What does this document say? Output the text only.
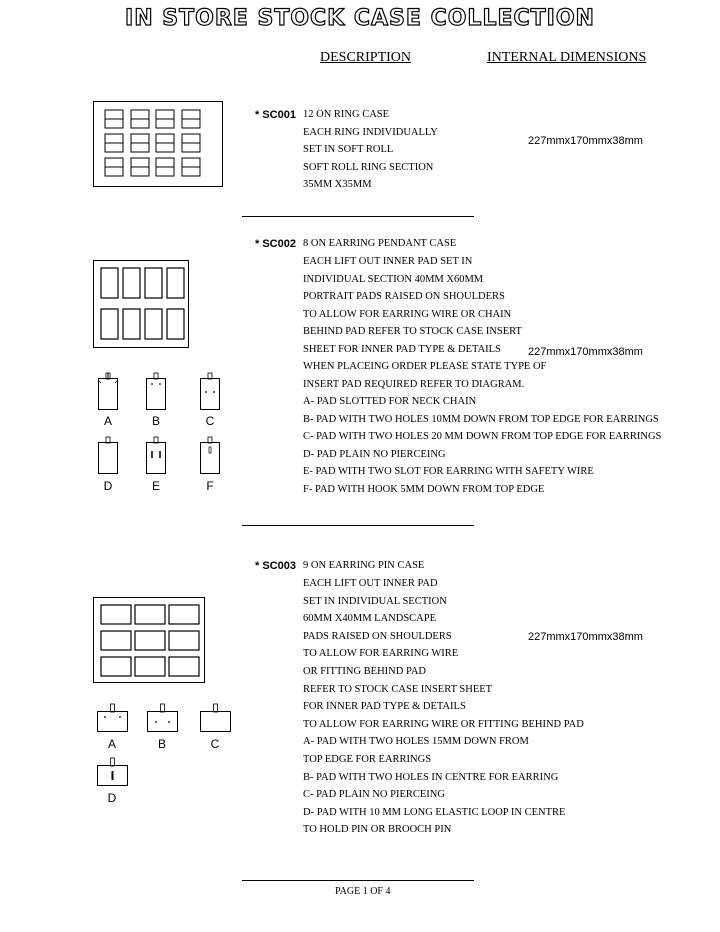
IN STORE STOCK CASE COLLECTION
DESCRIPTION	INTERNAL DIMENSIONS
* SC001 12 ON RING CASE
EACH RING INDIVIDUALLY
SET IN SOFT ROLL
SOFT ROLL RING SECTION
35MM X35MM
227mmx170mmx38mm
* SC002 8 ON EARRING PENDANT CASE
EACH LIFT OUT INNER PAD SET IN
INDIVIDUAL SECTION 40MM X60MM
PORTRAIT PADS RAISED ON SHOULDERS
TO ALLOW FOR EARRING WIRE OR CHAIN
BEHIND PAD REFER TO STOCK CASE INSERT
SHEET FOR INNER PAD TYPE & DETAILS
WHEN PLACEING ORDER PLEASE STATE TYPE OF
INSERT PAD REQUIRED REFER TO DIAGRAM.
A- PAD SLOTTED FOR NECK CHAIN
B- PAD WITH TWO HOLES 10MM DOWN FROM TOP EDGE FOR EARRINGS
C- PAD WITH TWO HOLES 20 MM DOWN FROM TOP EDGE FOR EARRINGS
D- PAD PLAIN NO PIERCEING
E- PAD WITH TWO SLOT FOR EARRING WITH SAFETY WIRE
F- PAD WITH HOOK 5MM DOWN FROM TOP EDGE
227mmx170mmx38mm
A	B	C
D	E	F
* SC003 9 ON EARRING PIN CASE
EACH LIFT OUT INNER PAD
SET IN INDIVIDUAL SECTION
60MM X40MM LANDSCAPE
PADS RAISED ON SHOULDERS
TO ALLOW FOR EARRING WIRE
OR FITTING BEHIND PAD
REFER TO STOCK CASE INSERT SHEET
FOR INNER PAD TYPE & DETAILS
TO ALLOW FOR EARRING WIRE OR FITTING BEHIND PAD
A- PAD WITH TWO HOLES 15MM DOWN FROM
TOP EDGE FOR EARRINGS
B- PAD WITH TWO HOLES IN CENTRE FOR EARRING
C- PAD PLAIN NO PIERCEING
D- PAD WITH 10 MM LONG ELASTIC LOOP IN CENTRE
TO HOLD PIN OR BROOCH PIN
227mmx170mmx38mm
A	B	C
D
PAGE 1 OF 4
